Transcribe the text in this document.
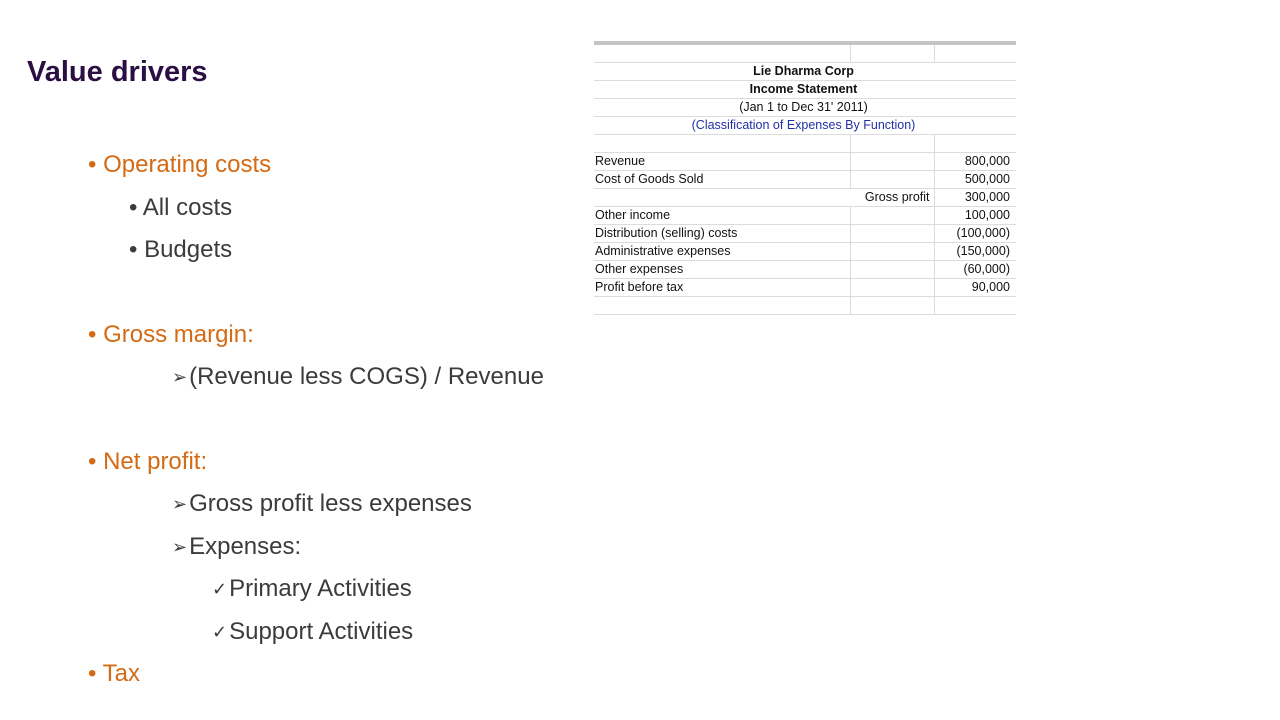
Value drivers
• Operating costs
• All costs
• Budgets
• Gross margin:
➢(Revenue less COGS) / Revenue
• Net profit:
➢Gross profit less expenses
➢Expenses:
✓Primary Activities
✓Support Activities
• Tax

Lie Dharma Corp		
Income Statement		
(Jan 1 to Dec 31' 2011)		
(Classification of Expenses By Function)		

Revenue		800,000
Cost of Goods Sold		500,000
Gross profit		300,000
Other income		100,000
Distribution (selling) costs		(100,000)
Administrative expenses		(150,000)
Other expenses		(60,000)
Profit before tax		90,000
